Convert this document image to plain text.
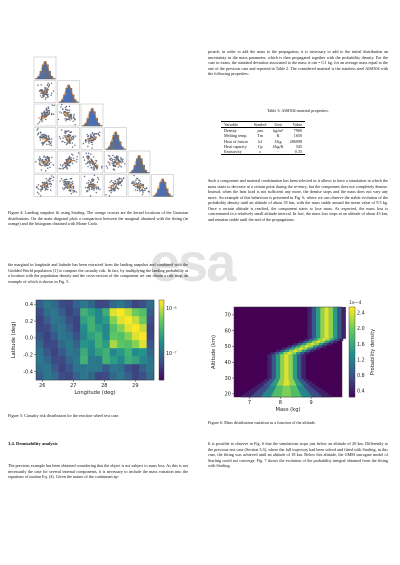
esa

Figure 4: Landing snapshot fit using Starling. The orange crosses are the kernel locations of the Gaussian distributions. On the main diagonal plots a comparison between the marginal obtained with the fitting (in orange) and the histogram obtained with Monte Carlo.

the marginal in longitude and latitude has been extracted from the landing snapshot and combined with the Gridded World population [1] to compute the casualty risk. In fact, by multiplying the landing probability at a location with the population density and the cross-section of the component we can obtain a risk map, an example of which is shown in Fig. 5.

26	27	28	29
0.4
0.2
0.0
-0.2
-0.4
Longitude (deg)
Latitude (deg)
10⁻⁶
10⁻⁷

Figure 5: Casualty risk distribution for the reaction wheel test case.

3.4. Demisability analysis

The previous example has been obtained considering that the object is not subject to mass loss. As this is not necessarily the case for several internal components, it is necessary to include the mass variation into the equations of motion Eq. (4). Given the nature of the continuum ap-

proach, in order to add the mass to the propagation, it is necessary to add to the initial distribution an uncertainty in the mass parameter, which is then propagated together with the probability density. For the case in exam, the standard deviation associated to the mass is σm = 0.1 kg, for an average mass equal to the one of the previous case and reported in Table 2. The considered material is the stainless steel AISI304 with the following properties:

Table 3: AISI304 material properties.

Variable	Symbol	Unit	Value
Density	ρm	kg/m³	7900
Melting temp.	Tm	K	1650
Heat of fusion	hf	J/kg	286098
Heat capacity	Cp	J/kg/K	545
Emissivity	ε	-	0.35

Such a component and material combination has been selected as it allows to have a simulation in which the mass starts to decrease at a certain point during the re-entry, but the component does not completely demise. Instead, when the heat load is not sufficient any more, the demise stops and the mass does not vary any more. An example of this behaviour is presented in Fig. 6, where we can observe the stable evolution of the probability density until an altitude of about 55 km, with the mass stable around the mean value of 9.5 kg. Once a certain altitude is reached, the component starts to lose mass. As expected, the mass loss is concentrated in a relatively small altitude interval. In fact, the mass loss stops at an altitude of about 45 km, and remains stable until the end of the propagations.

7	8	9
70
60
50
40
30
20
Mass (kg)
Altitude (km)
1e−4
2.4
2.0
1.6
1.2
0.8
0.4
Probability density

Figure 6: Mass distribution variation as a function of the altitude.

It is possible to observe in Fig. 6 that the simulations stops just below an altitude of 20 km. Differently to the previous test case (Section 3.3), where the full trajectory had been solved and fitted with Starling, in this case, the fitting was achieved until an altitude of 18 km. Below this altitude, the GMM surrogate model of Starling could not converge. Fig. 7 shows the evolution of the probability integral obtained from the fitting with Starling.
